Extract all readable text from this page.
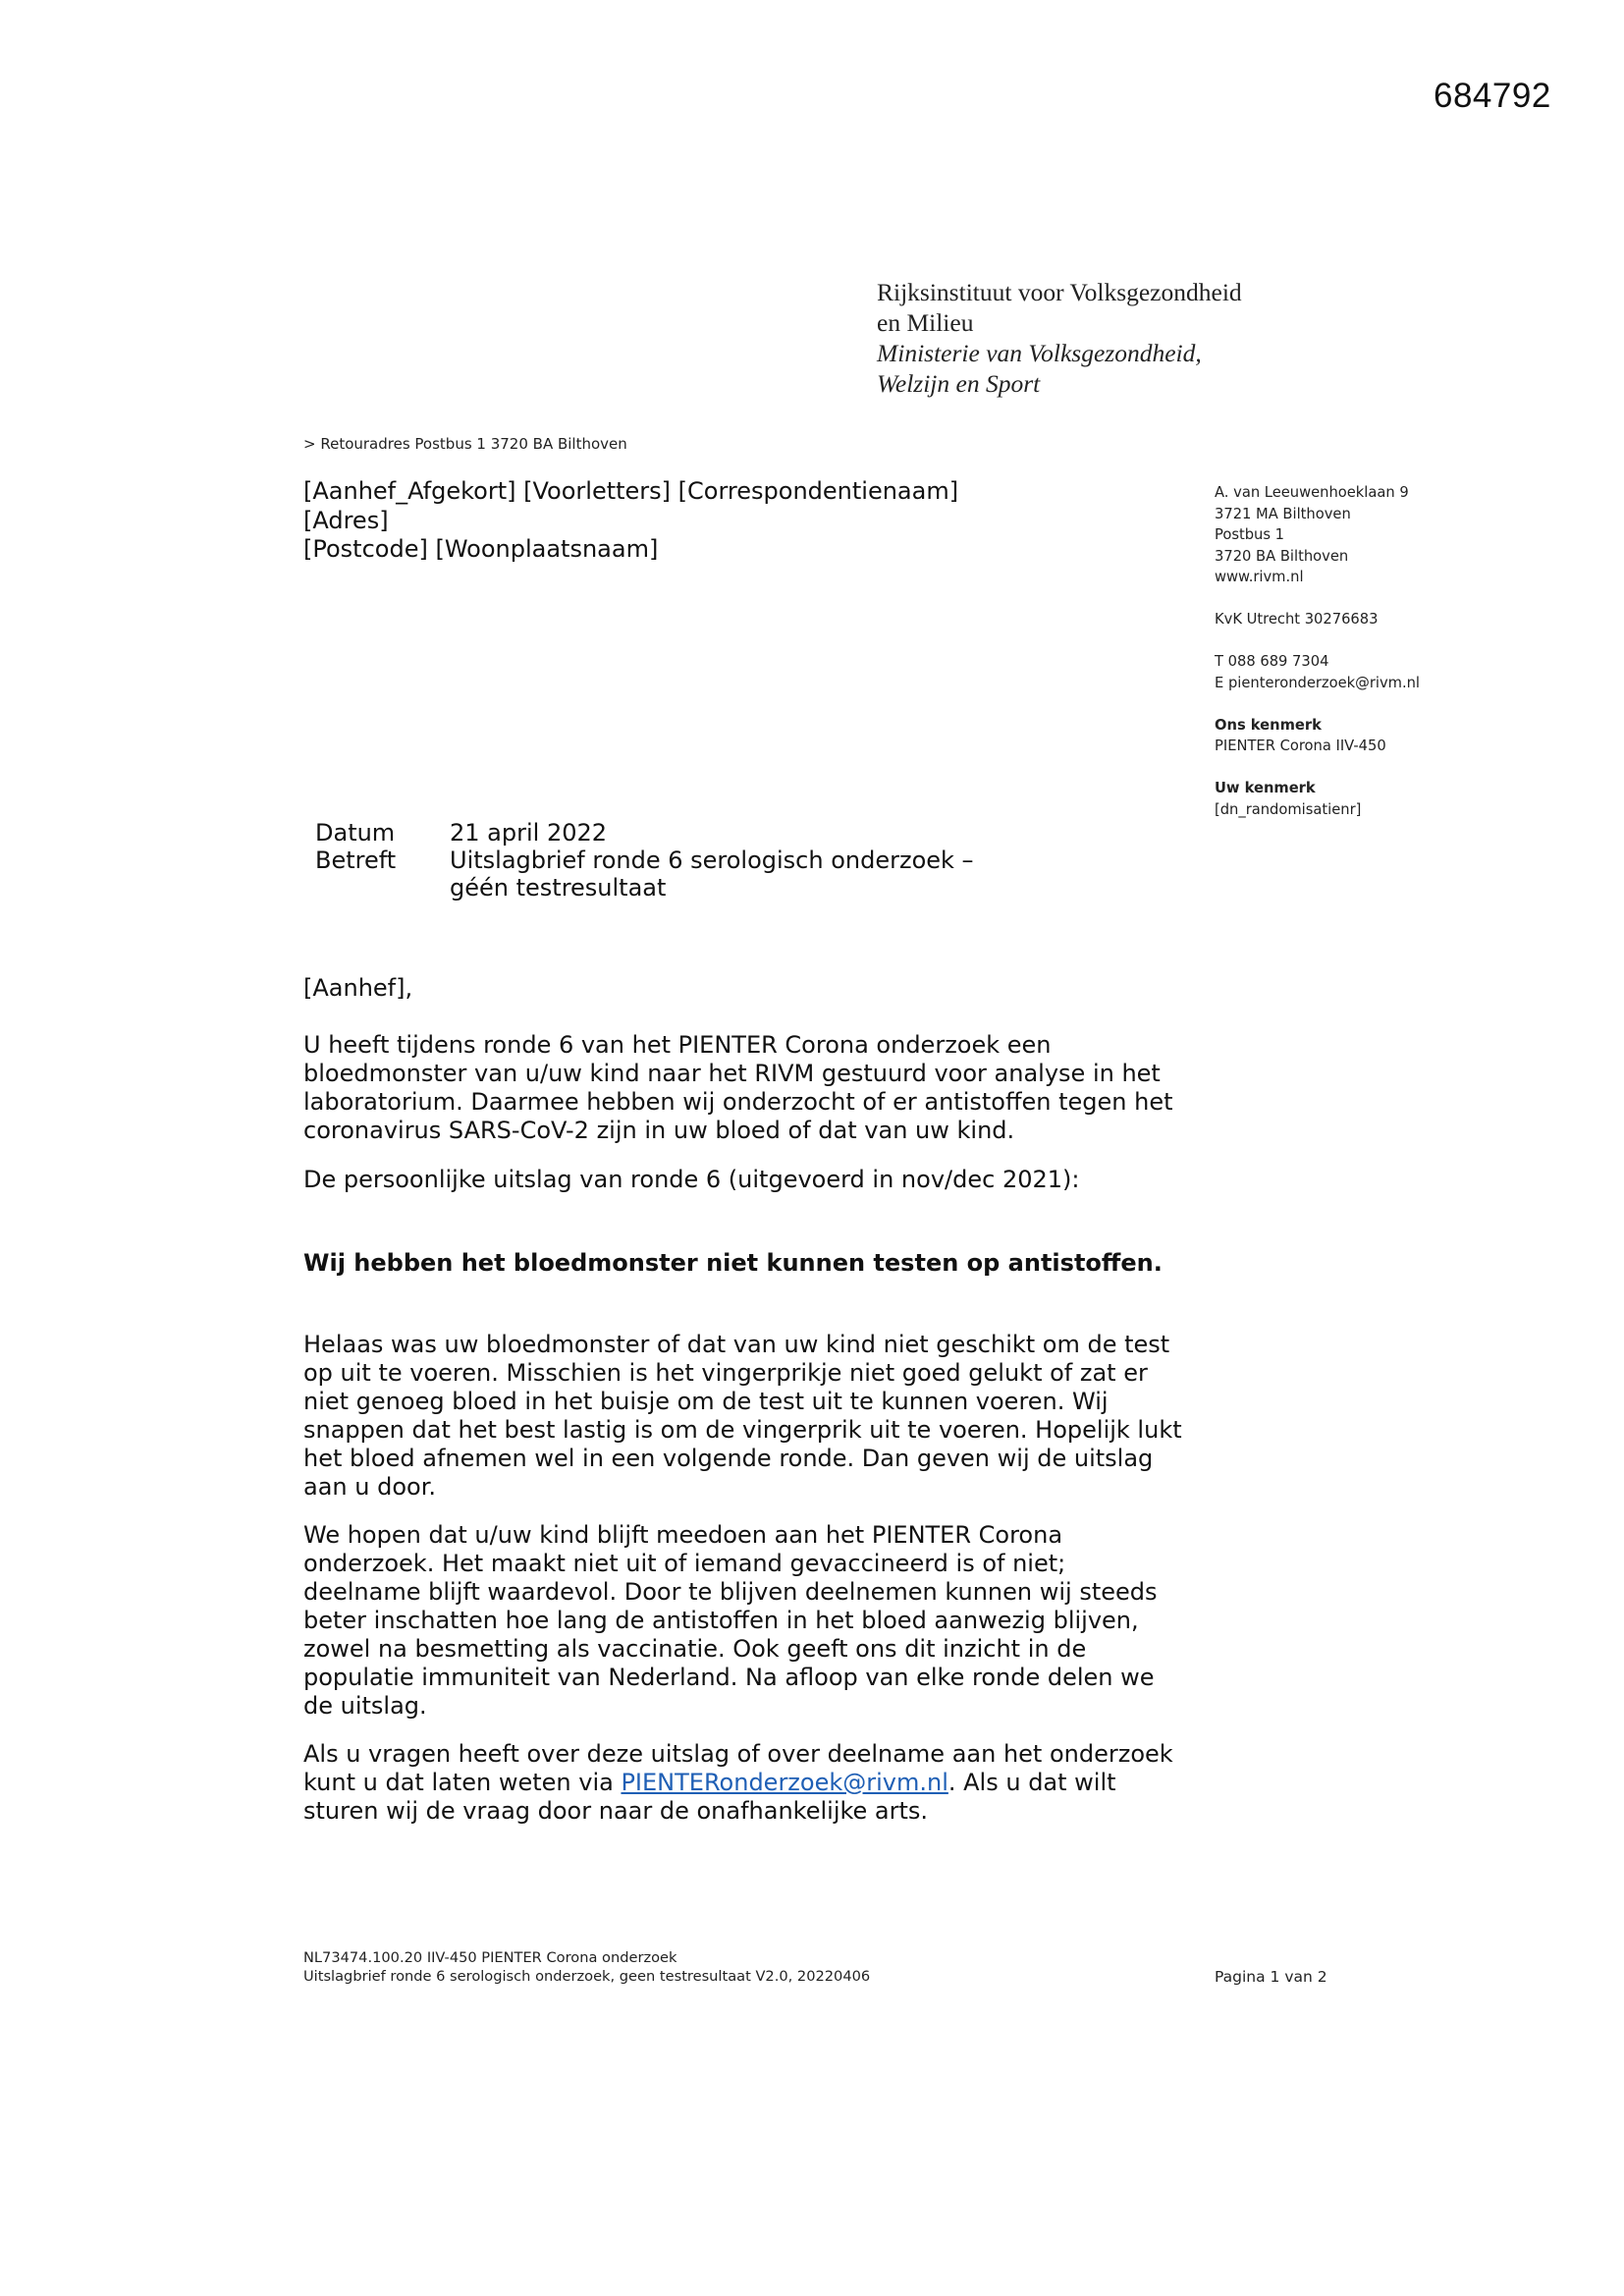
684792
Rijksinstituut voor Volksgezondheid
en Milieu
Ministerie van Volksgezondheid,
Welzijn en Sport
> Retouradres Postbus 1 3720 BA Bilthoven
[Aanhef_Afgekort] [Voorletters] [Correspondentienaam]
[Adres]
[Postcode] [Woonplaatsnaam]
A. van Leeuwenhoeklaan 9
3721 MA Bilthoven
Postbus 1
3720 BA Bilthoven
www.rivm.nl
KvK Utrecht 30276683
T 088 689 7304
E pienteronderzoek@rivm.nl
Ons kenmerk
PIENTER Corona IIV-450
Uw kenmerk
[dn_randomisatienr]
Datum	21 april 2022
Betreft	Uitslagbrief ronde 6 serologisch onderzoek –
géén testresultaat

[Aanhef],

U heeft tijdens ronde 6 van het PIENTER Corona onderzoek een
bloedmonster van u/uw kind naar het RIVM gestuurd voor analyse in het
laboratorium. Daarmee hebben wij onderzocht of er antistoffen tegen het
coronavirus SARS-CoV-2 zijn in uw bloed of dat van uw kind.
De persoonlijke uitslag van ronde 6 (uitgevoerd in nov/dec 2021):
Wij hebben het bloedmonster niet kunnen testen op antistoffen.
Helaas was uw bloedmonster of dat van uw kind niet geschikt om de test
op uit te voeren. Misschien is het vingerprikje niet goed gelukt of zat er
niet genoeg bloed in het buisje om de test uit te kunnen voeren. Wij
snappen dat het best lastig is om de vingerprik uit te voeren. Hopelijk lukt
het bloed afnemen wel in een volgende ronde. Dan geven wij de uitslag
aan u door.
We hopen dat u/uw kind blijft meedoen aan het PIENTER Corona
onderzoek. Het maakt niet uit of iemand gevaccineerd is of niet;
deelname blijft waardevol. Door te blijven deelnemen kunnen wij steeds
beter inschatten hoe lang de antistoffen in het bloed aanwezig blijven,
zowel na besmetting als vaccinatie. Ook geeft ons dit inzicht in de
populatie immuniteit van Nederland. Na afloop van elke ronde delen we
de uitslag.
Als u vragen heeft over deze uitslag of over deelname aan het onderzoek
kunt u dat laten weten via PIENTERonderzoek@rivm.nl. Als u dat wilt
sturen wij de vraag door naar de onafhankelijke arts.
NL73474.100.20 IIV-450 PIENTER Corona onderzoek
Uitslagbrief ronde 6 serologisch onderzoek, geen testresultaat V2.0, 20220406	Pagina 1 van 2
